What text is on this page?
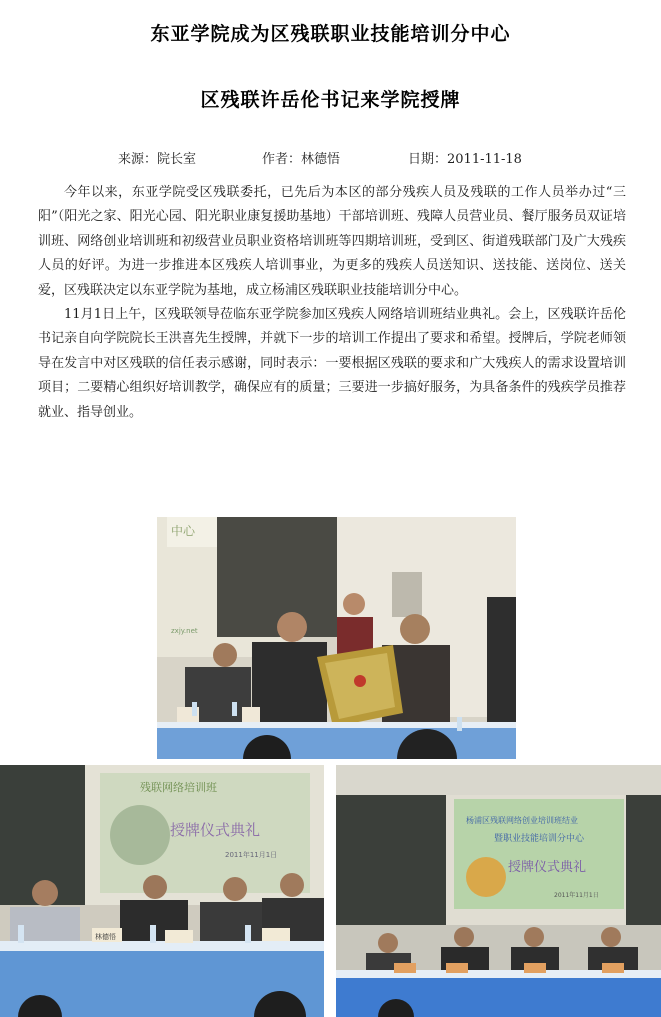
东亚学院成为区残联职业技能培训分中心
区残联许岳伦书记来学院授牌
来源：院长室	作者：林德悟	日期：2011-11-18

今年以来，东亚学院受区残联委托，已先后为本区的部分残疾人员及残联的工作人员举办过“三阳”（阳光之家、阳光心园、阳光职业康复援助基地）干部培训班、残障人员营业员、餐厅服务员双证培训班、网络创业培训班和初级营业员职业资格培训班等四期培训班，受到区、街道残联部门及广大残疾人员的好评。为进一步推进本区残疾人培训事业，为更多的残疾人员送知识、送技能、送岗位、送关爱，区残联决定以东亚学院为基地，成立杨浦区残联职业技能培训分中心。

11月1日上午，区残联领导莅临东亚学院参加区残疾人网络培训班结业典礼。会上，区残联许岳伦书记亲自向学院院长王洪喜先生授牌，并就下一步的培训工作提出了要求和希望。授牌后，学院老师领导在发言中对区残联的信任表示感谢，同时表示：一要根据区残联的要求和广大残疾人的需求设置培训项目；二要精心组织好培训教学，确保应有的质量；三要进一步搞好服务，为具备条件的残疾学员推荐就业、指导创业。

中心
zxjy.net
残联网络培训班
授牌仪式典礼
2011年11月1日
林德悟
杨浦区残联网络创业培训班结业
暨职业技能培训分中心
授牌仪式典礼
2011年11月1日
